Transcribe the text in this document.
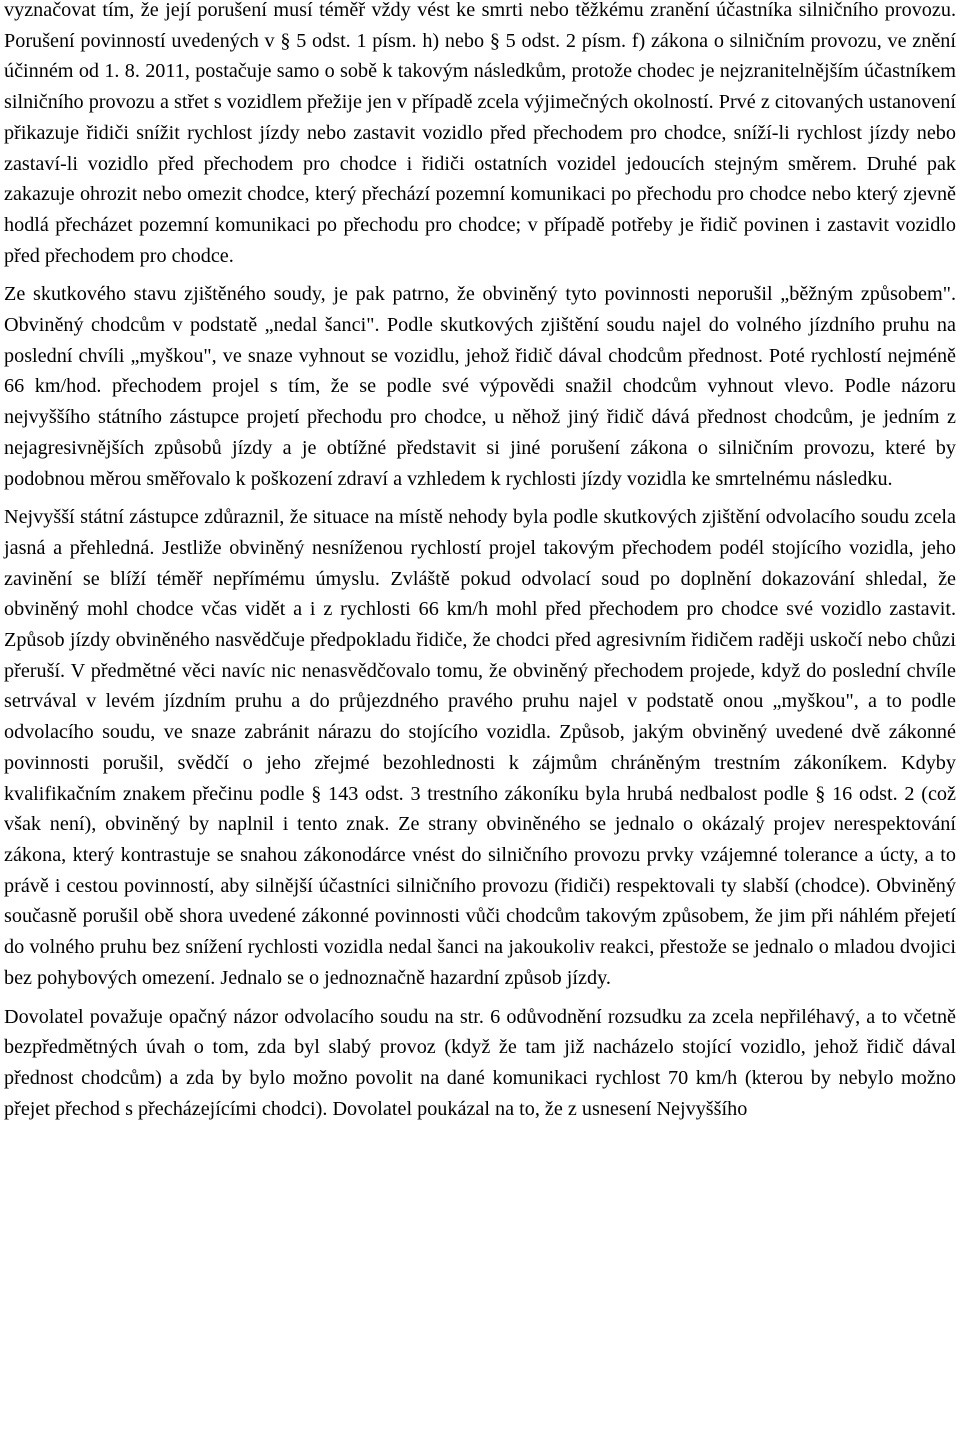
vyznačovat tím, že její porušení musí téměř vždy vést ke smrti nebo těžkému zranění účastníka silničního provozu. Porušení povinností uvedených v § 5 odst. 1 písm. h) nebo § 5 odst. 2 písm. f) zákona o silničním provozu, ve znění účinném od 1. 8. 2011, postačuje samo o sobě k takovým následkům, protože chodec je nejzranitelnějším účastníkem silničního provozu a střet s vozidlem přežije jen v případě zcela výjimečných okolností. Prvé z citovaných ustanovení přikazuje řidiči snížit rychlost jízdy nebo zastavit vozidlo před přechodem pro chodce, sníží-li rychlost jízdy nebo zastaví-li vozidlo před přechodem pro chodce i řidiči ostatních vozidel jedoucích stejným směrem. Druhé pak zakazuje ohrozit nebo omezit chodce, který přechází pozemní komunikaci po přechodu pro chodce nebo který zjevně hodlá přecházet pozemní komunikaci po přechodu pro chodce; v případě potřeby je řidič povinen i zastavit vozidlo před přechodem pro chodce.

Ze skutkového stavu zjištěného soudy, je pak patrno, že obviněný tyto povinnosti neporušil „běžným způsobem". Obviněný chodcům v podstatě „nedal šanci". Podle skutkových zjištění soudu najel do volného jízdního pruhu na poslední chvíli „myškou", ve snaze vyhnout se vozidlu, jehož řidič dával chodcům přednost. Poté rychlostí nejméně 66 km/hod. přechodem projel s tím, že se podle své výpovědi snažil chodcům vyhnout vlevo. Podle názoru nejvyššího státního zástupce projetí přechodu pro chodce, u něhož jiný řidič dává přednost chodcům, je jedním z nejagresivnějších způsobů jízdy a je obtížné představit si jiné porušení zákona o silničním provozu, které by podobnou měrou směřovalo k poškození zdraví a vzhledem k rychlosti jízdy vozidla ke smrtelnému následku.

Nejvyšší státní zástupce zdůraznil, že situace na místě nehody byla podle skutkových zjištění odvolacího soudu zcela jasná a přehledná. Jestliže obviněný nesníženou rychlostí projel takovým přechodem podél stojícího vozidla, jeho zavinění se blíží téměř nepřímému úmyslu. Zvláště pokud odvolací soud po doplnění dokazování shledal, že obviněný mohl chodce včas vidět a i z rychlosti 66 km/h mohl před přechodem pro chodce své vozidlo zastavit. Způsob jízdy obviněného nasvědčuje předpokladu řidiče, že chodci před agresivním řidičem raději uskočí nebo chůzi přeruší. V předmětné věci navíc nic nenasvědčovalo tomu, že obviněný přechodem projede, když do poslední chvíle setrvával v levém jízdním pruhu a do průjezdného pravého pruhu najel v podstatě onou „myškou", a to podle odvolacího soudu, ve snaze zabránit nárazu do stojícího vozidla. Způsob, jakým obviněný uvedené dvě zákonné povinnosti porušil, svědčí o jeho zřejmé bezohlednosti k zájmům chráněným trestním zákoníkem. Kdyby kvalifikačním znakem přečinu podle § 143 odst. 3 trestního zákoníku byla hrubá nedbalost podle § 16 odst. 2 (což však není), obviněný by naplnil i tento znak. Ze strany obviněného se jednalo o okázalý projev nerespektování zákona, který kontrastuje se snahou zákonodárce vnést do silničního provozu prvky vzájemné tolerance a úcty, a to právě i cestou povinností, aby silnější účastníci silničního provozu (řidiči) respektovali ty slabší (chodce). Obviněný současně porušil obě shora uvedené zákonné povinnosti vůči chodcům takovým způsobem, že jim při náhlém přejetí do volného pruhu bez snížení rychlosti vozidla nedal šanci na jakoukoliv reakci, přestože se jednalo o mladou dvojici bez pohybových omezení. Jednalo se o jednoznačně hazardní způsob jízdy.

Dovolatel považuje opačný názor odvolacího soudu na str. 6 odůvodnění rozsudku za zcela nepřiléhavý, a to včetně bezpředmětných úvah o tom, zda byl slabý provoz (když že tam již nacházelo stojící vozidlo, jehož řidič dával přednost chodcům) a zda by bylo možno povolit na dané komunikaci rychlost 70 km/h (kterou by nebylo možno přejet přechod s přecházejícími chodci). Dovolatel poukázal na to, že z usnesení Nejvyššího
